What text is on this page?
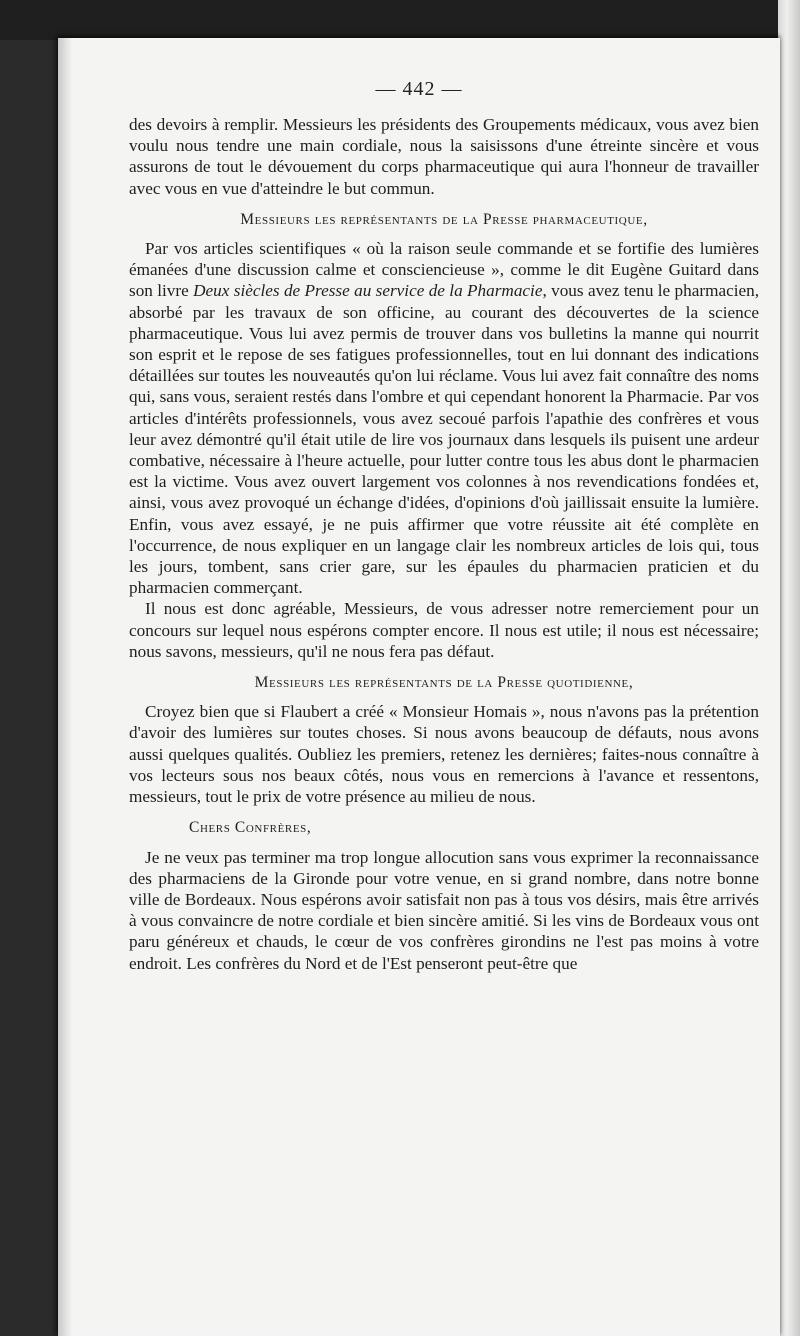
— 442 —

des devoirs à remplir. Messieurs les présidents des Groupements médicaux, vous avez bien voulu nous tendre une main cordiale, nous la saisissons d'une étreinte sincère et vous assurons de tout le dévouement du corps pharmaceutique qui aura l'honneur de travailler avec vous en vue d'atteindre le but commun.

Messieurs les représentants de la Presse pharmaceutique,

Par vos articles scientifiques « où la raison seule commande et se fortifie des lumières émanées d'une discussion calme et consciencieuse », comme le dit Eugène Guitard dans son livre Deux siècles de Presse au service de la Pharmacie, vous avez tenu le pharmacien, absorbé par les travaux de son officine, au courant des découvertes de la science pharmaceutique. Vous lui avez permis de trouver dans vos bulletins la manne qui nourrit son esprit et le repose de ses fatigues professionnelles, tout en lui donnant des indications détaillées sur toutes les nouveautés qu'on lui réclame. Vous lui avez fait connaître des noms qui, sans vous, seraient restés dans l'ombre et qui cependant honorent la Pharmacie. Par vos articles d'intérêts professionnels, vous avez secoué parfois l'apathie des confrères et vous leur avez démontré qu'il était utile de lire vos journaux dans lesquels ils puisent une ardeur combative, nécessaire à l'heure actuelle, pour lutter contre tous les abus dont le pharmacien est la victime. Vous avez ouvert largement vos colonnes à nos revendications fondées et, ainsi, vous avez provoqué un échange d'idées, d'opinions d'où jaillissait ensuite la lumière. Enfin, vous avez essayé, je ne puis affirmer que votre réussite ait été complète en l'occurrence, de nous expliquer en un langage clair les nombreux articles de lois qui, tous les jours, tombent, sans crier gare, sur les épaules du pharmacien praticien et du pharmacien commerçant.

Il nous est donc agréable, Messieurs, de vous adresser notre remerciement pour un concours sur lequel nous espérons compter encore. Il nous est utile; il nous est nécessaire; nous savons, messieurs, qu'il ne nous fera pas défaut.

Messieurs les représentants de la Presse quotidienne,

Croyez bien que si Flaubert a créé « Monsieur Homais », nous n'avons pas la prétention d'avoir des lumières sur toutes choses. Si nous avons beaucoup de défauts, nous avons aussi quelques qualités. Oubliez les premiers, retenez les dernières; faites-nous connaître à vos lecteurs sous nos beaux côtés, nous vous en remercions à l'avance et ressentons, messieurs, tout le prix de votre présence au milieu de nous.

Chers Confrères,

Je ne veux pas terminer ma trop longue allocution sans vous exprimer la reconnaissance des pharmaciens de la Gironde pour votre venue, en si grand nombre, dans notre bonne ville de Bordeaux. Nous espérons avoir satisfait non pas à tous vos désirs, mais être arrivés à vous convaincre de notre cordiale et bien sincère amitié. Si les vins de Bordeaux vous ont paru généreux et chauds, le cœur de vos confrères girondins ne l'est pas moins à votre endroit. Les confrères du Nord et de l'Est penseront peut-être que
